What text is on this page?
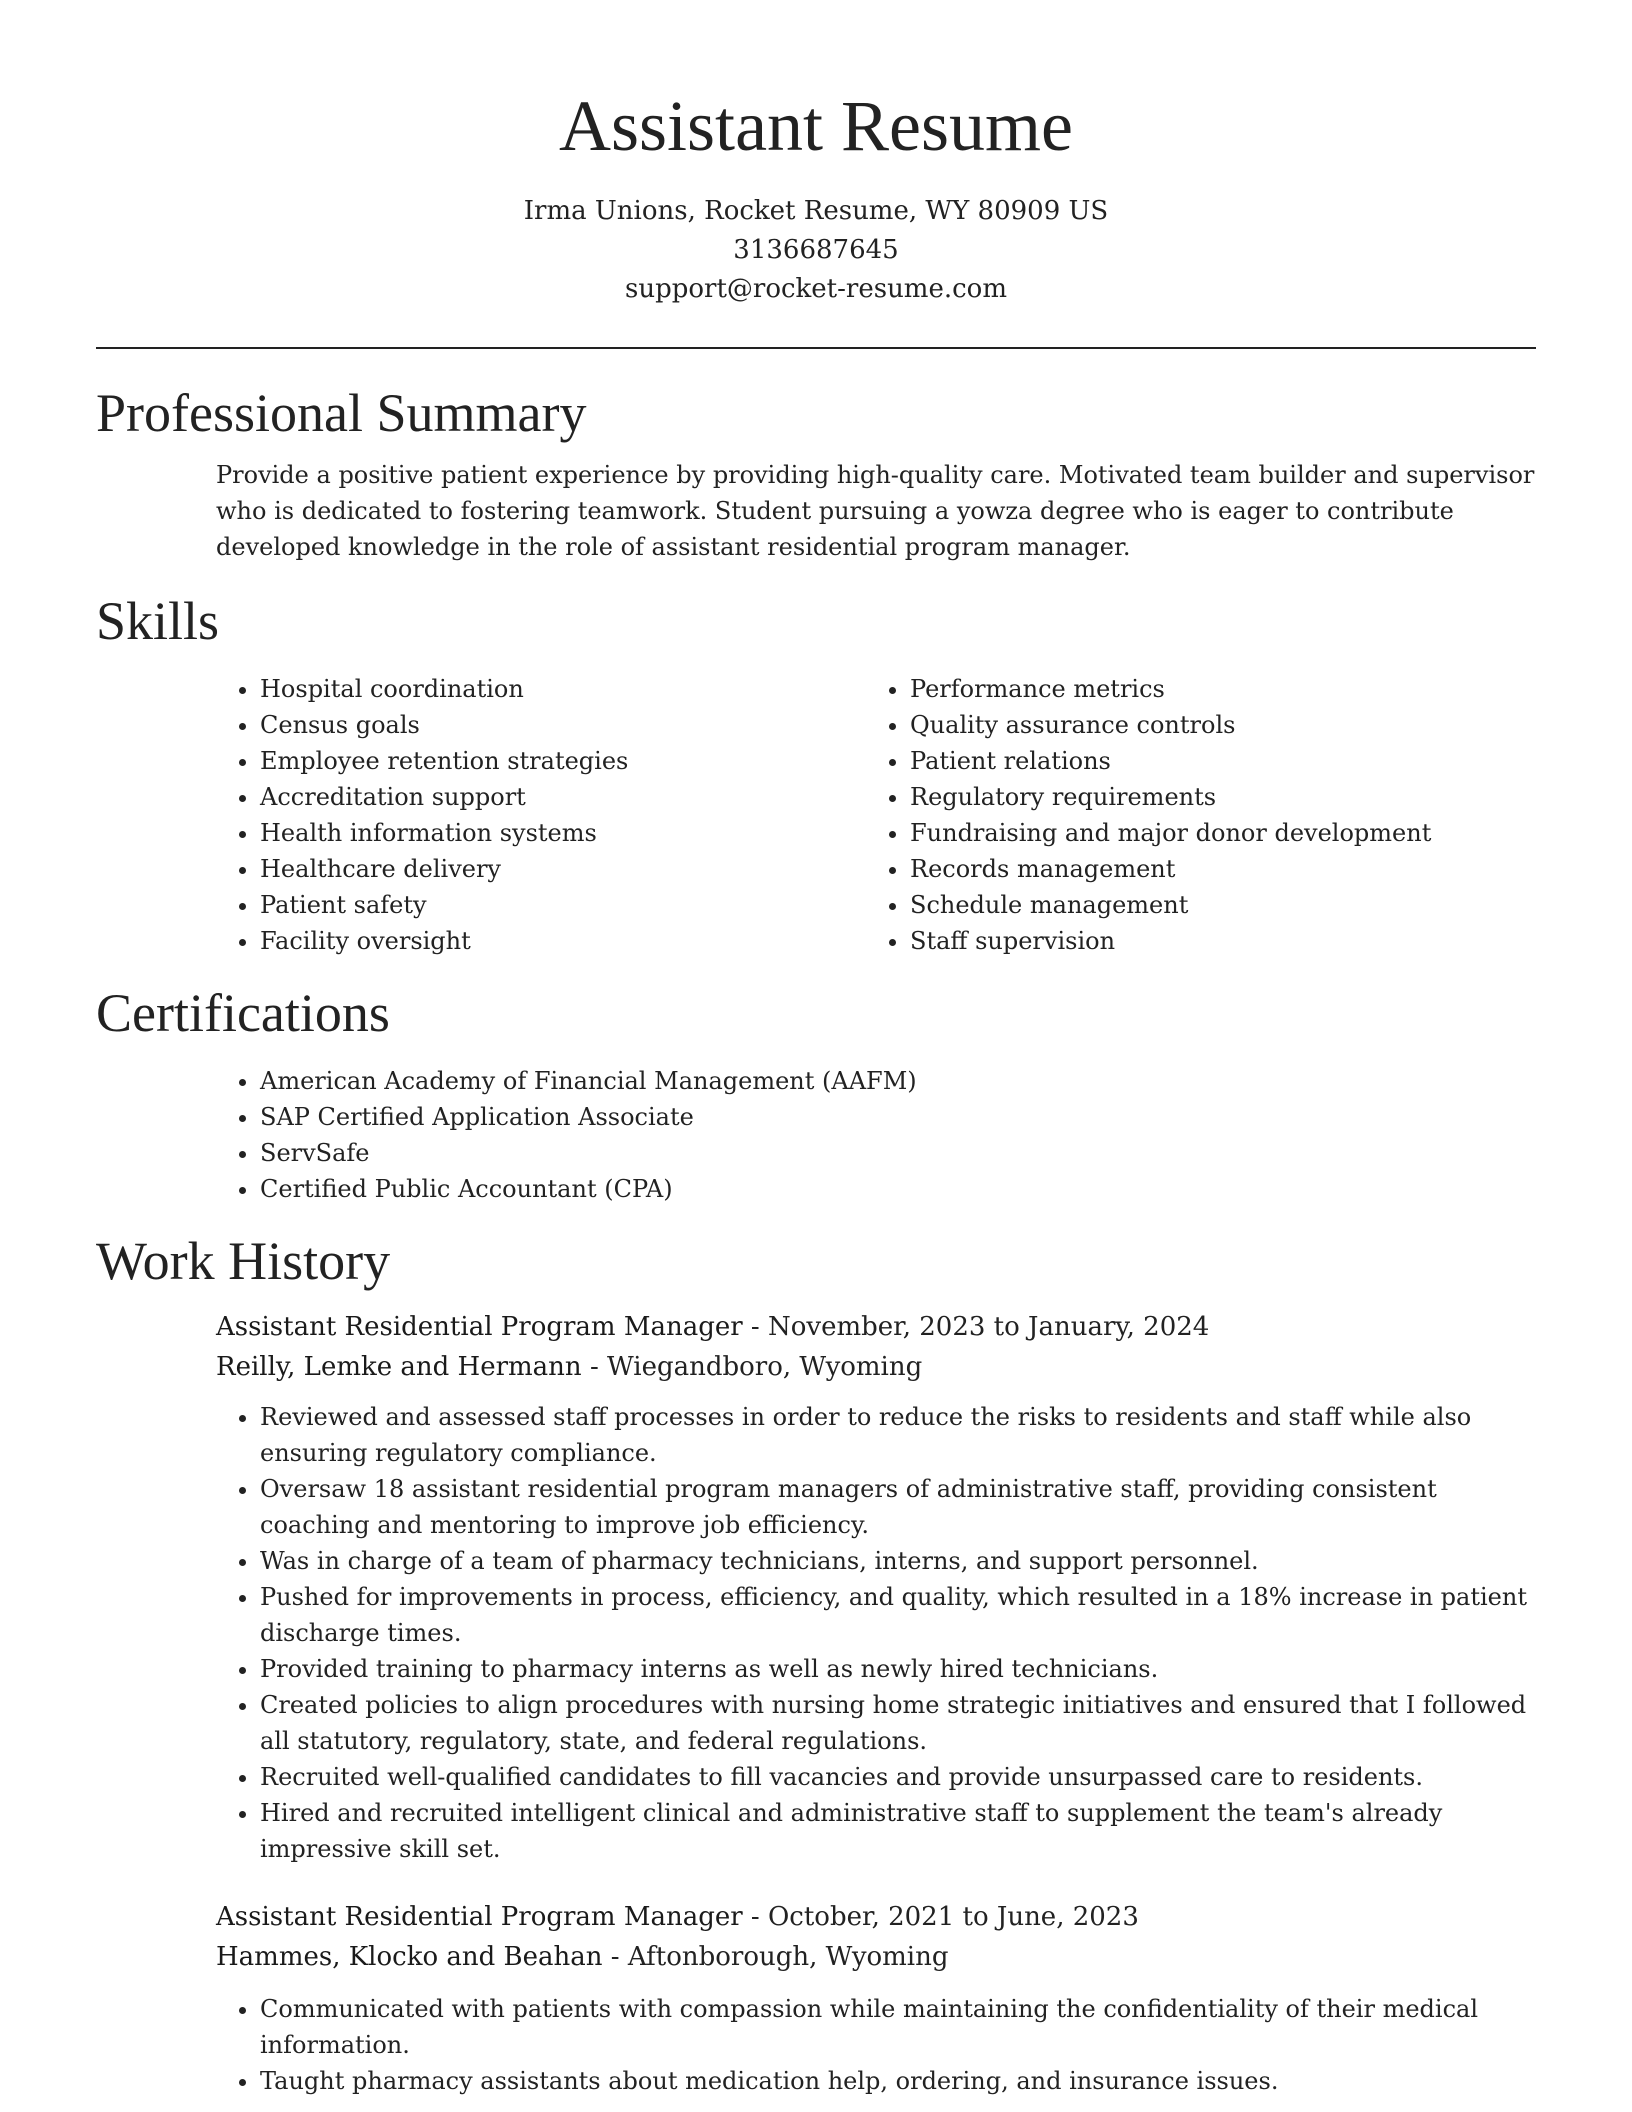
Assistant Resume
Irma Unions, Rocket Resume, WY 80909 US
3136687645
support@rocket-resume.com
Professional Summary

Provide a positive patient experience by providing high-quality care. Motivated team builder and supervisor who is dedicated to fostering teamwork. Student pursuing a yowza degree who is eager to contribute developed knowledge in the role of assistant residential program manager.

Skills
• Hospital coordination
• Census goals
• Employee retention strategies
• Accreditation support
• Health information systems
• Healthcare delivery
• Patient safety
• Facility oversight
• Performance metrics
• Quality assurance controls
• Patient relations
• Regulatory requirements
• Fundraising and major donor development
• Records management
• Schedule management
• Staff supervision
Certifications
• American Academy of Financial Management (AAFM)
• SAP Certified Application Associate
• ServSafe
• Certified Public Accountant (CPA)
Work History
Assistant Residential Program Manager - November, 2023 to January, 2024
Reilly, Lemke and Hermann - Wiegandboro, Wyoming
• Reviewed and assessed staff processes in order to reduce the risks to residents and staff while also ensuring regulatory compliance.
• Oversaw 18 assistant residential program managers of administrative staff, providing consistent coaching and mentoring to improve job efficiency.
• Was in charge of a team of pharmacy technicians, interns, and support personnel.
• Pushed for improvements in process, efficiency, and quality, which resulted in a 18% increase in patient discharge times.
• Provided training to pharmacy interns as well as newly hired technicians.
• Created policies to align procedures with nursing home strategic initiatives and ensured that I followed all statutory, regulatory, state, and federal regulations.
• Recruited well-qualified candidates to fill vacancies and provide unsurpassed care to residents.
• Hired and recruited intelligent clinical and administrative staff to supplement the team's already impressive skill set.
Assistant Residential Program Manager - October, 2021 to June, 2023
Hammes, Klocko and Beahan - Aftonborough, Wyoming
• Communicated with patients with compassion while maintaining the confidentiality of their medical information.
• Taught pharmacy assistants about medication help, ordering, and insurance issues.
